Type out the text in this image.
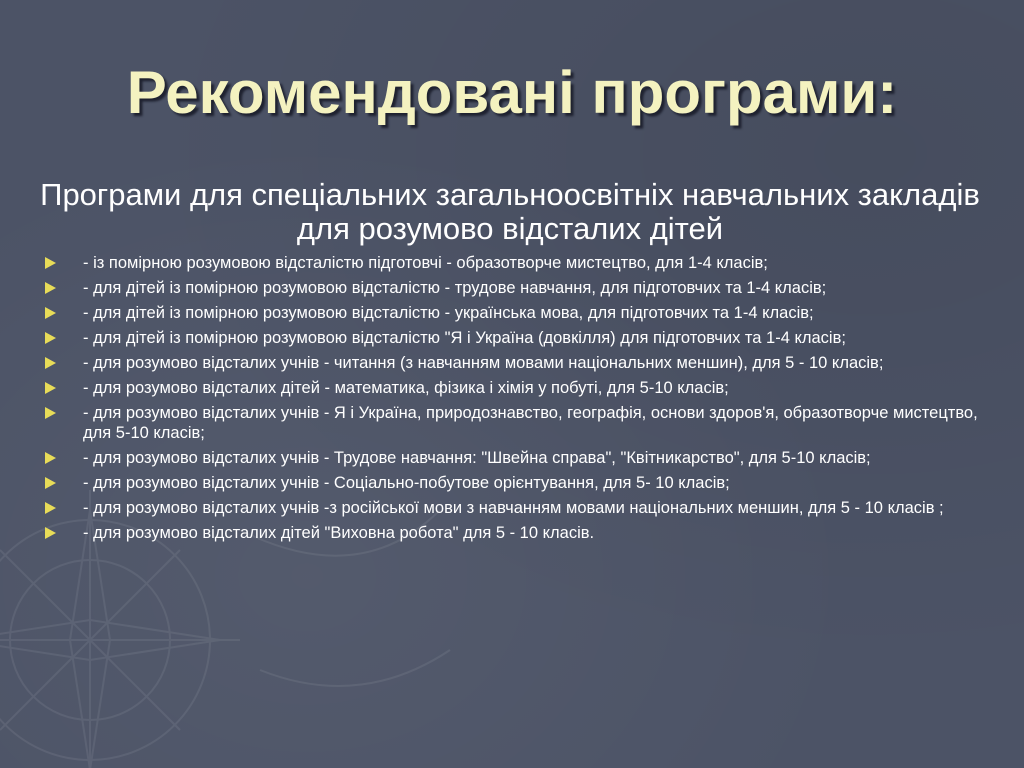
Рекомендовані програми:

Програми для спеціальних загальноосвітніх навчальних закладів для розумово відсталих дітей

- із помірною розумовою відсталістю підготовчі - образотворче мистецтво, для 1-4 класів;
- для дітей із помірною розумовою відсталістю - трудове навчання, для підготовчих та 1-4 класів;
- для дітей із помірною розумовою відсталістю - українська мова, для підготовчих та 1-4 класів;
- для дітей із помірною розумовою відсталістю "Я і Україна (довкілля) для підготовчих та 1-4 класів;
- для розумово відсталих учнів - читання (з навчанням мовами національних меншин), для 5 - 10 класів;
- для розумово відсталих дітей - математика, фізика і хімія у побуті, для 5-10 класів;
- для розумово відсталих учнів - Я і Україна, природознавство, географія, основи здоров'я, образотворче мистецтво, для 5-10 класів;
- для розумово відсталих учнів - Трудове навчання: "Швейна справа", "Квітникарство", для 5-10 класів;
- для розумово відсталих учнів - Соціально-побутове орієнтування, для 5- 10 класів;
- для розумово відсталих учнів -з російської мови з навчанням мовами національних меншин, для 5 - 10 класів ;
- для розумово відсталих дітей "Виховна робота" для 5 - 10 класів.
